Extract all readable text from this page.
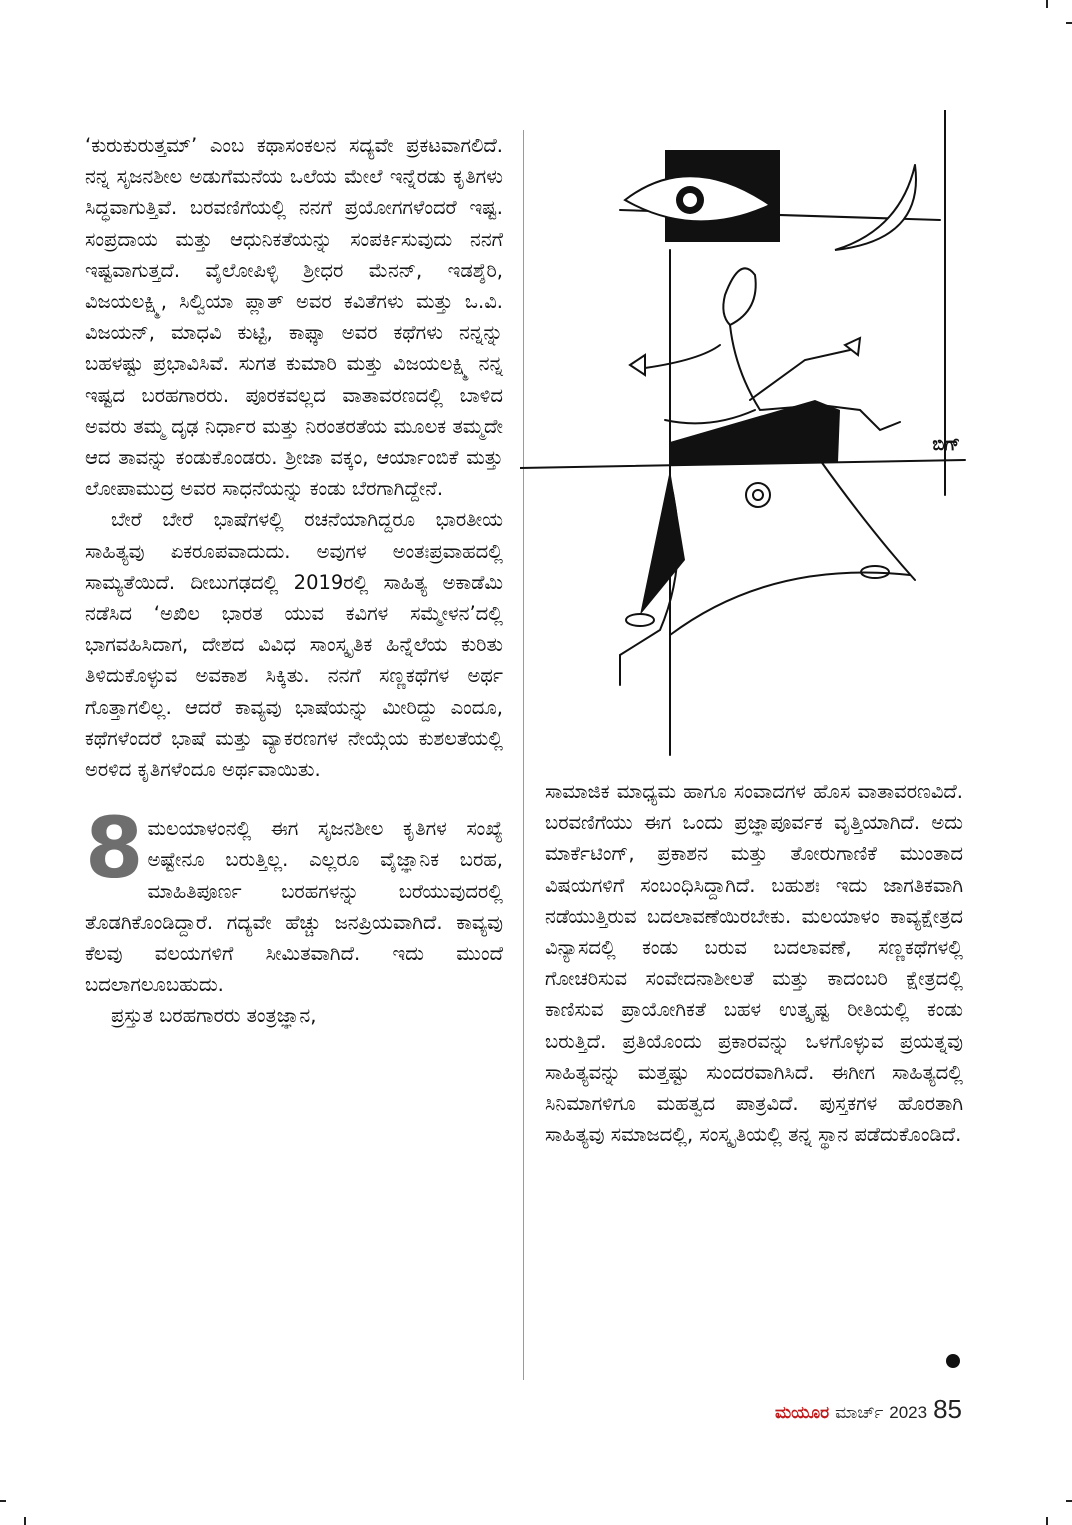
‘ಕುರುಕುರುತ್ತಮ್’ ಎಂಬ ಕಥಾಸಂಕಲನ ಸದ್ಯವೇ ಪ್ರಕಟವಾಗಲಿದೆ. ನನ್ನ ಸೃಜನಶೀಲ ಅಡುಗೆಮನೆಯ ಒಲೆಯ ಮೇಲೆ ಇನ್ನೆರಡು ಕೃತಿಗಳು ಸಿದ್ಧವಾಗುತ್ತಿವೆ. ಬರವಣಿಗೆಯಲ್ಲಿ ನನಗೆ ಪ್ರಯೋಗಗಳೆಂದರೆ ಇಷ್ಟ. ಸಂಪ್ರದಾಯ ಮತ್ತು ಆಧುನಿಕತೆಯನ್ನು ಸಂಪರ್ಕಿಸುವುದು ನನಗೆ ಇಷ್ಟವಾಗುತ್ತದೆ. ವೈಲೋಪಿಳ್ಳಿ ಶ್ರೀಧರ ಮೆನನ್, ಇಡಶ್ಶೆರಿ, ವಿಜಯಲಕ್ಷ್ಮಿ, ಸಿಲ್ವಿಯಾ ಪ್ಲಾತ್ ಅವರ ಕವಿತೆಗಳು ಮತ್ತು ಒ.ವಿ. ವಿಜಯನ್, ಮಾಧವಿ ಕುಟ್ಟಿ, ಕಾಫ್ಕಾ ಅವರ ಕಥೆಗಳು ನನ್ನನ್ನು ಬಹಳಷ್ಟು ಪ್ರಭಾವಿಸಿವೆ. ಸುಗತ ಕುಮಾರಿ ಮತ್ತು ವಿಜಯಲಕ್ಷ್ಮಿ ನನ್ನ ಇಷ್ಟದ ಬರಹಗಾರರು. ಪೂರಕವಲ್ಲದ ವಾತಾವರಣದಲ್ಲಿ ಬಾಳಿದ ಅವರು ತಮ್ಮ ದೃಢ ನಿರ್ಧಾರ ಮತ್ತು ನಿರಂತರತೆಯ ಮೂಲಕ ತಮ್ಮದೇ ಆದ ತಾವನ್ನು ಕಂಡುಕೊಂಡರು. ಶ್ರೀಜಾ ವಕ್ಕಂ, ಆರ್ಯಾಂಬಿಕೆ ಮತ್ತು ಲೋಪಾಮುದ್ರ ಅವರ ಸಾಧನೆಯನ್ನು ಕಂಡು ಬೆರಗಾಗಿದ್ದೇನೆ.

ಬೇರೆ ಬೇರೆ ಭಾಷೆಗಳಲ್ಲಿ ರಚನೆಯಾಗಿದ್ದರೂ ಭಾರತೀಯ ಸಾಹಿತ್ಯವು ಏಕರೂಪವಾದುದು. ಅವುಗಳ ಅಂತಃಪ್ರವಾಹದಲ್ಲಿ ಸಾಮ್ಯತೆಯಿದೆ. ದೀಬುಗಢದಲ್ಲಿ 2019ರಲ್ಲಿ ಸಾಹಿತ್ಯ ಅಕಾಡೆಮಿ ನಡೆಸಿದ ‘ಅಖಿಲ ಭಾರತ ಯುವ ಕವಿಗಳ ಸಮ್ಮೇಳನ’ದಲ್ಲಿ ಭಾಗವಹಿಸಿದಾಗ, ದೇಶದ ವಿವಿಧ ಸಾಂಸ್ಕೃತಿಕ ಹಿನ್ನೆಲೆಯ ಕುರಿತು ತಿಳಿದುಕೊಳ್ಳುವ ಅವಕಾಶ ಸಿಕ್ಕಿತು. ನನಗೆ ಸಣ್ಣಕಥೆಗಳ ಅರ್ಥ ಗೊತ್ತಾಗಲಿಲ್ಲ. ಆದರೆ ಕಾವ್ಯವು ಭಾಷೆಯನ್ನು ಮೀರಿದ್ದು ಎಂದೂ, ಕಥೆಗಳೆಂದರೆ ಭಾಷೆ ಮತ್ತು ವ್ಯಾಕರಣಗಳ ನೇಯ್ಗೆಯ ಕುಶಲತೆಯಲ್ಲಿ ಅರಳಿದ ಕೃತಿಗಳೆಂದೂ ಅರ್ಥವಾಯಿತು.

8 ಮಲಯಾಳಂನಲ್ಲಿ ಈಗ ಸೃಜನಶೀಲ ಕೃತಿಗಳ ಸಂಖ್ಯೆ ಅಷ್ಟೇನೂ ಬರುತ್ತಿಲ್ಲ. ಎಲ್ಲರೂ ವೈಜ್ಞಾನಿಕ ಬರಹ, ಮಾಹಿತಿಪೂರ್ಣ ಬರಹಗಳನ್ನು ಬರೆಯುವುದರಲ್ಲಿ ತೊಡಗಿಕೊಂಡಿದ್ದಾರೆ. ಗದ್ಯವೇ ಹೆಚ್ಚು ಜನಪ್ರಿಯವಾಗಿದೆ. ಕಾವ್ಯವು ಕೆಲವು ವಲಯಗಳಿಗೆ ಸೀಮಿತವಾಗಿದೆ. ಇದು ಮುಂದೆ ಬದಲಾಗಲೂಬಹುದು.

ಪ್ರಸ್ತುತ ಬರಹಗಾರರು ತಂತ್ರಜ್ಞಾನ,

ಬಿಗ್

ಸಾಮಾಜಿಕ ಮಾಧ್ಯಮ ಹಾಗೂ ಸಂವಾದಗಳ ಹೊಸ ವಾತಾವರಣವಿದೆ. ಬರವಣಿಗೆಯು ಈಗ ಒಂದು ಪ್ರಜ್ಞಾಪೂರ್ವಕ ವೃತ್ತಿಯಾಗಿದೆ. ಅದು ಮಾರ್ಕೆಟಿಂಗ್, ಪ್ರಕಾಶನ ಮತ್ತು ತೋರುಗಾಣಿಕೆ ಮುಂತಾದ ವಿಷಯಗಳಿಗೆ ಸಂಬಂಧಿಸಿದ್ದಾಗಿದೆ. ಬಹುಶಃ ಇದು ಜಾಗತಿಕವಾಗಿ ನಡೆಯುತ್ತಿರುವ ಬದಲಾವಣೆಯಿರಬೇಕು. ಮಲಯಾಳಂ ಕಾವ್ಯಕ್ಷೇತ್ರದ ವಿನ್ಯಾಸದಲ್ಲಿ ಕಂಡು ಬರುವ ಬದಲಾವಣೆ, ಸಣ್ಣಕಥೆಗಳಲ್ಲಿ ಗೋಚರಿಸುವ ಸಂವೇದನಾಶೀಲತೆ ಮತ್ತು ಕಾದಂಬರಿ ಕ್ಷೇತ್ರದಲ್ಲಿ ಕಾಣಿಸುವ ಪ್ರಾಯೋಗಿಕತೆ ಬಹಳ ಉತ್ಕೃಷ್ಟ ರೀತಿಯಲ್ಲಿ ಕಂಡು ಬರುತ್ತಿದೆ. ಪ್ರತಿಯೊಂದು ಪ್ರಕಾರವನ್ನು ಒಳಗೊಳ್ಳುವ ಪ್ರಯತ್ನವು ಸಾಹಿತ್ಯವನ್ನು ಮತ್ತಷ್ಟು ಸುಂದರವಾಗಿಸಿದೆ. ಈಗೀಗ ಸಾಹಿತ್ಯದಲ್ಲಿ ಸಿನಿಮಾಗಳಿಗೂ ಮಹತ್ವದ ಪಾತ್ರವಿದೆ. ಪುಸ್ತಕಗಳ ಹೊರತಾಗಿ ಸಾಹಿತ್ಯವು ಸಮಾಜದಲ್ಲಿ, ಸಂಸ್ಕೃತಿಯಲ್ಲಿ ತನ್ನ ಸ್ಥಾನ ಪಡೆದುಕೊಂಡಿದೆ.

ಮಯೂರ ಮಾರ್ಚ್ 2023 85
